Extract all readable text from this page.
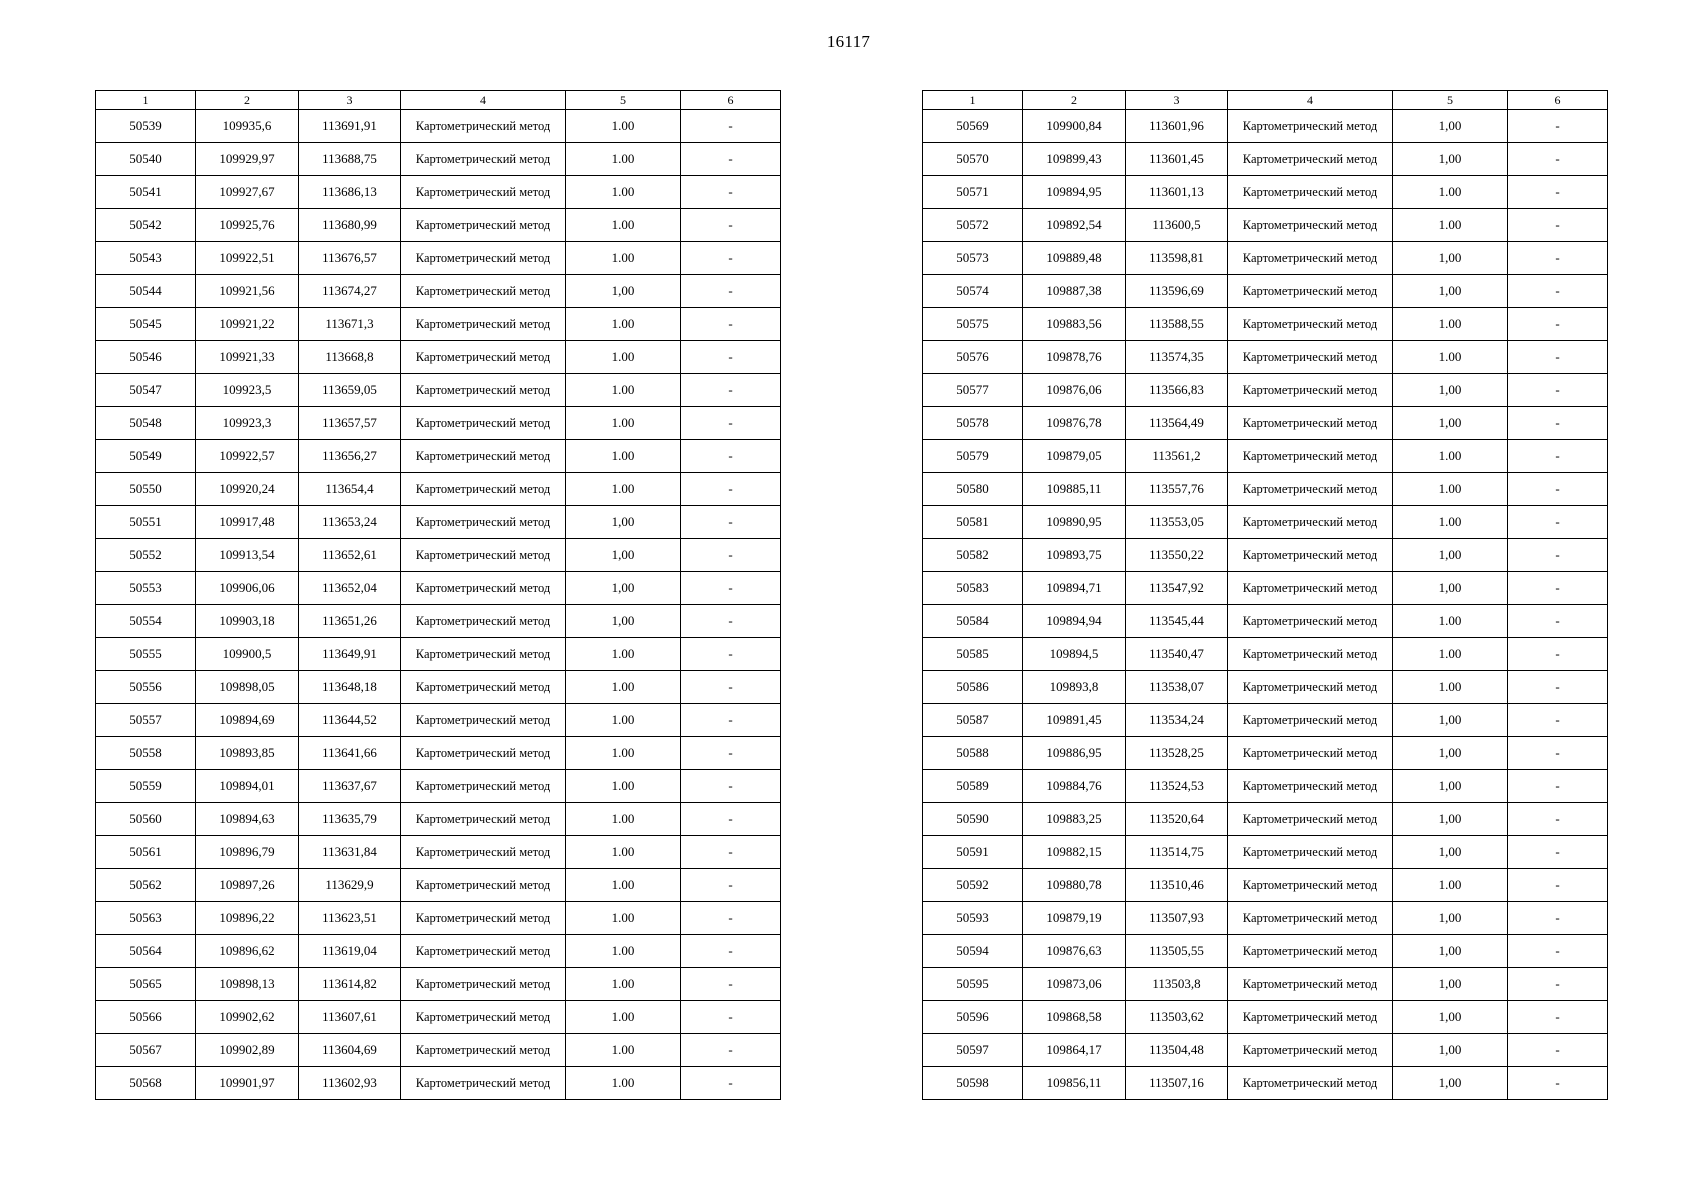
16117
1	2	3	4	5	6
50539	109935,6	113691,91	Картометрический метод	1.00	-
50540	109929,97	113688,75	Картометрический метод	1.00	-
50541	109927,67	113686,13	Картометрический метод	1.00	-
50542	109925,76	113680,99	Картометрический метод	1.00	-
50543	109922,51	113676,57	Картометрический метод	1.00	-
50544	109921,56	113674,27	Картометрический метод	1,00	-
50545	109921,22	113671,3	Картометрический метод	1.00	-
50546	109921,33	113668,8	Картометрический метод	1.00	-
50547	109923,5	113659,05	Картометрический метод	1.00	-
50548	109923,3	113657,57	Картометрический метод	1.00	-
50549	109922,57	113656,27	Картометрический метод	1.00	-
50550	109920,24	113654,4	Картометрический метод	1.00	-
50551	109917,48	113653,24	Картометрический метод	1,00	-
50552	109913,54	113652,61	Картометрический метод	1,00	-
50553	109906,06	113652,04	Картометрический метод	1,00	-
50554	109903,18	113651,26	Картометрический метод	1,00	-
50555	109900,5	113649,91	Картометрический метод	1.00	-
50556	109898,05	113648,18	Картометрический метод	1.00	-
50557	109894,69	113644,52	Картометрический метод	1.00	-
50558	109893,85	113641,66	Картометрический метод	1.00	-
50559	109894,01	113637,67	Картометрический метод	1.00	-
50560	109894,63	113635,79	Картометрический метод	1.00	-
50561	109896,79	113631,84	Картометрический метод	1.00	-
50562	109897,26	113629,9	Картометрический метод	1.00	-
50563	109896,22	113623,51	Картометрический метод	1.00	-
50564	109896,62	113619,04	Картометрический метод	1.00	-
50565	109898,13	113614,82	Картометрический метод	1.00	-
50566	109902,62	113607,61	Картометрический метод	1.00	-
50567	109902,89	113604,69	Картометрический метод	1.00	-
50568	109901,97	113602,93	Картометрический метод	1.00	-
1	2	3	4	5	6
50569	109900,84	113601,96	Картометрический метод	1,00	-
50570	109899,43	113601,45	Картометрический метод	1,00	-
50571	109894,95	113601,13	Картометрический метод	1.00	-
50572	109892,54	113600,5	Картометрический метод	1.00	-
50573	109889,48	113598,81	Картометрический метод	1,00	-
50574	109887,38	113596,69	Картометрический метод	1,00	-
50575	109883,56	113588,55	Картометрический метод	1.00	-
50576	109878,76	113574,35	Картометрический метод	1.00	-
50577	109876,06	113566,83	Картометрический метод	1,00	-
50578	109876,78	113564,49	Картометрический метод	1,00	-
50579	109879,05	113561,2	Картометрический метод	1.00	-
50580	109885,11	113557,76	Картометрический метод	1.00	-
50581	109890,95	113553,05	Картометрический метод	1.00	-
50582	109893,75	113550,22	Картометрический метод	1,00	-
50583	109894,71	113547,92	Картометрический метод	1,00	-
50584	109894,94	113545,44	Картометрический метод	1.00	-
50585	109894,5	113540,47	Картометрический метод	1.00	-
50586	109893,8	113538,07	Картометрический метод	1.00	-
50587	109891,45	113534,24	Картометрический метод	1,00	-
50588	109886,95	113528,25	Картометрический метод	1,00	-
50589	109884,76	113524,53	Картометрический метод	1,00	-
50590	109883,25	113520,64	Картометрический метод	1,00	-
50591	109882,15	113514,75	Картометрический метод	1,00	-
50592	109880,78	113510,46	Картометрический метод	1.00	-
50593	109879,19	113507,93	Картометрический метод	1,00	-
50594	109876,63	113505,55	Картометрический метод	1,00	-
50595	109873,06	113503,8	Картометрический метод	1,00	-
50596	109868,58	113503,62	Картометрический метод	1,00	-
50597	109864,17	113504,48	Картометрический метод	1,00	-
50598	109856,11	113507,16	Картометрический метод	1,00	-
